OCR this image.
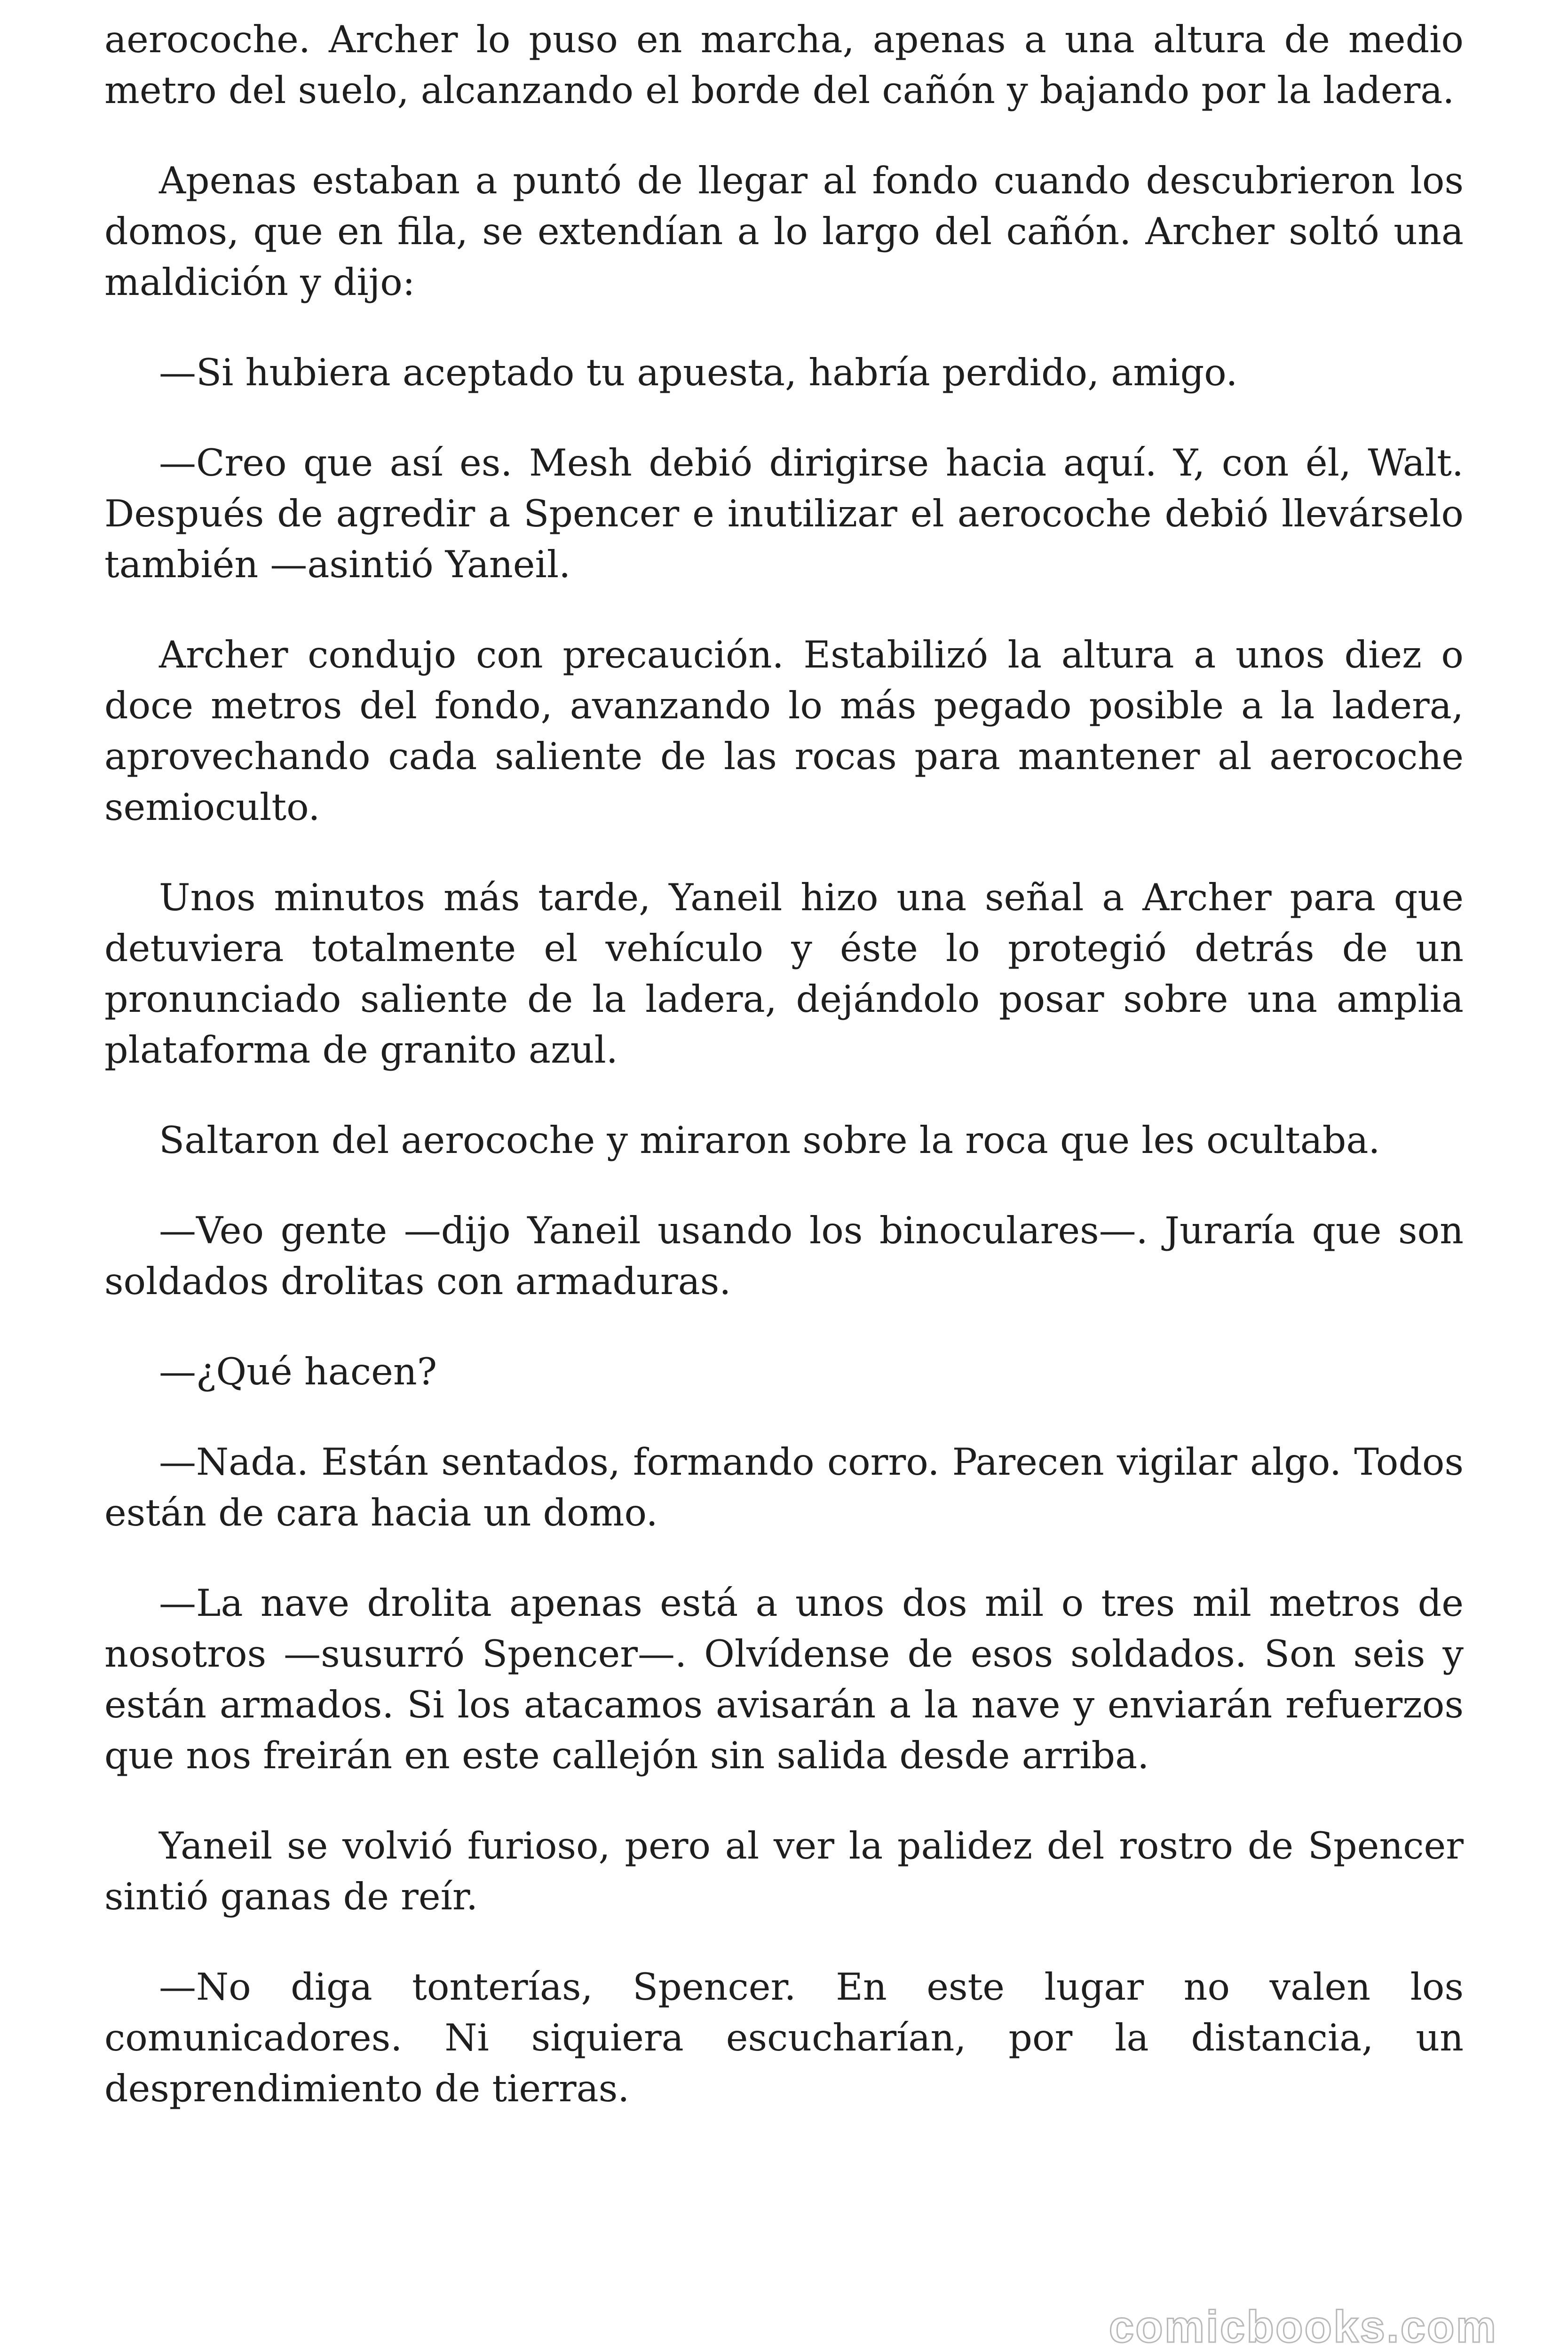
aerocoche. Archer lo puso en marcha, apenas a una altura de medio metro del suelo, alcanzando el borde del cañón y bajando por la ladera.

Apenas estaban a puntó de llegar al fondo cuando descubrieron los domos, que en fila, se extendían a lo largo del cañón. Archer soltó una maldición y dijo:

—Si hubiera aceptado tu apuesta, habría perdido, amigo.

—Creo que así es. Mesh debió dirigirse hacia aquí. Y, con él, Walt. Después de agredir a Spencer e inutilizar el aerocoche debió llevárselo también —asintió Yaneil.

Archer condujo con precaución. Estabilizó la altura a unos diez o doce metros del fondo, avanzando lo más pegado posible a la ladera, aprovechando cada saliente de las rocas para mantener al aerocoche semioculto.

Unos minutos más tarde, Yaneil hizo una señal a Archer para que detuviera totalmente el vehículo y éste lo protegió detrás de un pronunciado saliente de la ladera, dejándolo posar sobre una amplia plataforma de granito azul.

Saltaron del aerocoche y miraron sobre la roca que les ocultaba.

—Veo gente —dijo Yaneil usando los binoculares—. Juraría que son soldados drolitas con armaduras.

—¿Qué hacen?

—Nada. Están sentados, formando corro. Parecen vigilar algo. Todos están de cara hacia un domo.

—La nave drolita apenas está a unos dos mil o tres mil metros de nosotros —susurró Spencer—. Olvídense de esos soldados. Son seis y están armados. Si los atacamos avisarán a la nave y enviarán refuerzos que nos freirán en este callejón sin salida desde arriba.

Yaneil se volvió furioso, pero al ver la palidez del rostro de Spencer sintió ganas de reír.

—No diga tonterías, Spencer. En este lugar no valen los comunicadores. Ni siquiera escucharían, por la distancia, un desprendimiento de tierras.

comicbooks.com
